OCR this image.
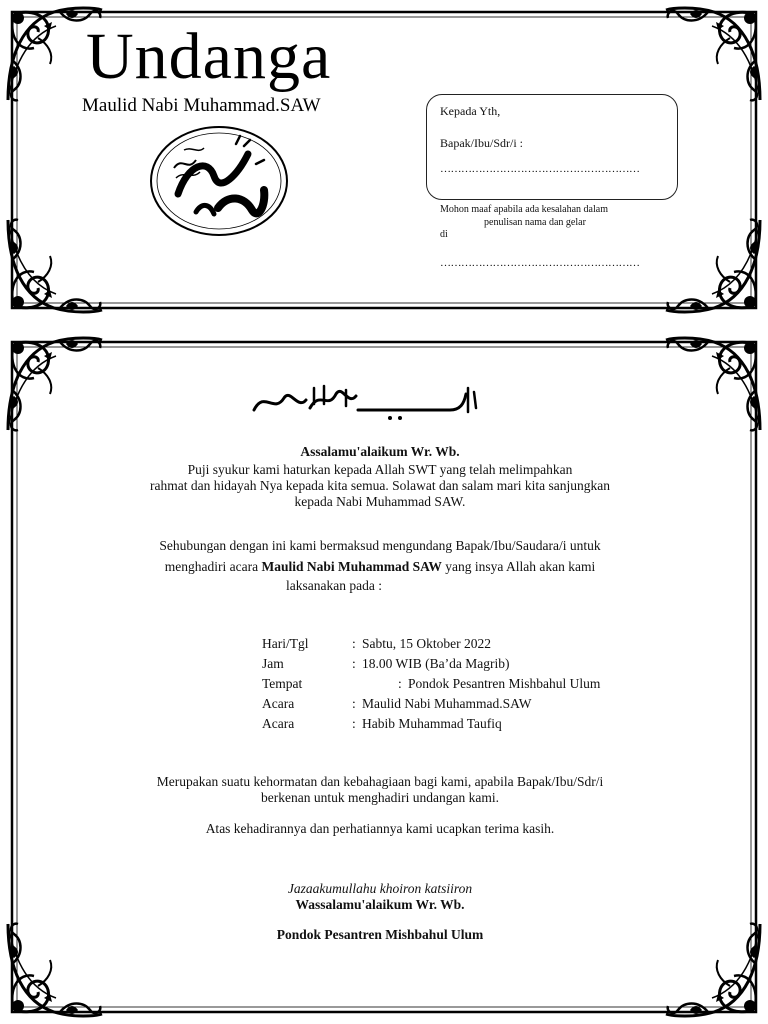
Undanga
Maulid Nabi Muhammad.SAW	Kepada Yth,
Bapak/Ibu/Sdr/i :
…………………………………………………
Mohon maaf apabila ada kesalahan dalam
penulisan nama dan gelar
di
…………………………………………………
Assalamu'alaikum Wr. Wb.
Puji syukur kami haturkan kepada Allah SWT yang telah melimpahkan
rahmat dan hidayah Nya kepada kita semua. Solawat dan salam mari kita sanjungkan
kepada Nabi Muhammad SAW.
Sehubungan dengan ini kami bermaksud mengundang Bapak/Ibu/Saudara/i untuk
menghadiri acara Maulid Nabi Muhammad SAW yang insya Allah akan kami
laksanakan pada :
Hari/Tgl	: Sabtu, 15 Oktober 2022
Jam	: 18.00 WIB (Ba’da Magrib)
Tempat	: Pondok Pesantren Mishbahul Ulum
Acara	: Maulid Nabi Muhammad.SAW
Acara	: Habib Muhammad Taufiq
Merupakan suatu kehormatan dan kebahagiaan bagi kami, apabila Bapak/Ibu/Sdr/i
berkenan untuk menghadiri undangan kami.
Atas kehadirannya dan perhatiannya kami ucapkan terima kasih.
Jazaakumullahu khoiron katsiiron
Wassalamu'alaikum Wr. Wb.
Pondok Pesantren Mishbahul Ulum
